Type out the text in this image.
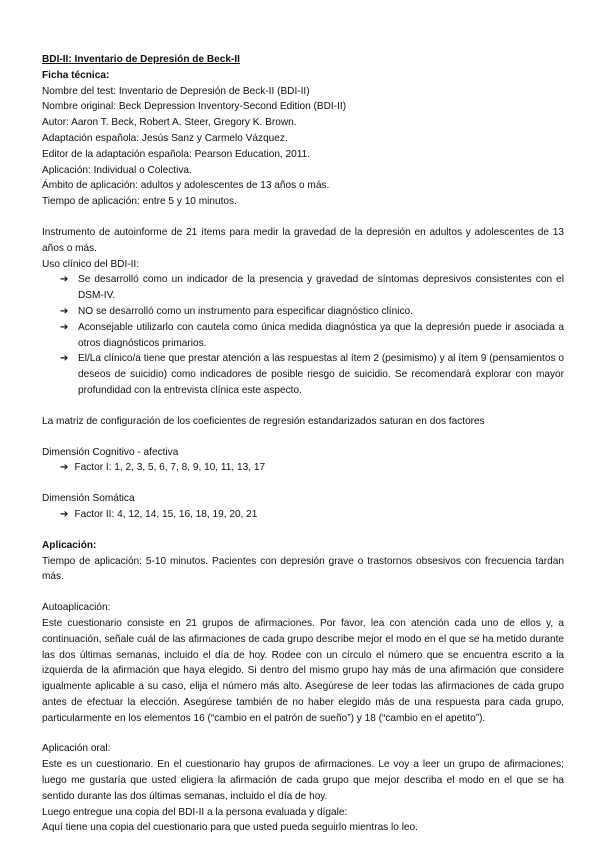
BDI-II: Inventario de Depresión de Beck-II

Ficha técnica:

Nombre del test: Inventario de Depresión de Beck-II (BDI-II)

Nombre original: Beck Depression Inventory-Second Edition (BDI-II)

Autor: Aaron T. Beck, Robert A. Steer, Gregory K. Brown.

Adaptación española: Jesús Sanz y Carmelo Vázquez.

Editor de la adaptación española: Pearson Education, 2011.

Aplicación: Individual o Colectiva.

Ámbito de aplicación: adultos y adolescentes de 13 años o más.

Tiempo de aplicación: entre 5 y 10 minutos.

Instrumento de autoinforme de 21 ítems para medir la gravedad de la depresión en adultos y adolescentes de 13 años o más.

Uso clínico del BDI-II:

➔ Se desarrolló como un indicador de la presencia y gravedad de síntomas depresivos consistentes con el DSM-IV.
➔ NO se desarrolló como un instrumento para especificar diagnóstico clínico.
➔ Aconsejable utilizarlo con cautela como única medida diagnóstica ya que la depresión puede ir asociada a otros diagnósticos primarios.
➔ El/La clínico/a tiene que prestar atención a las respuestas al ítem 2 (pesimismo) y al ítem 9 (pensamientos o deseos de suicidio) como indicadores de posible riesgo de suicidio. Se recomendará explorar con mayor profundidad con la entrevista clínica este aspecto.

La matriz de configuración de los coeficientes de regresión estandarizados saturan en dos factores

Dimensión Cognitivo - afectiva

➔ Factor I: 1, 2, 3, 5, 6, 7, 8, 9, 10, 11, 13, 17

Dimensión Somática

➔ Factor II: 4, 12, 14, 15, 16, 18, 19, 20, 21

Aplicación:

Tiempo de aplicación: 5-10 minutos. Pacientes con depresión grave o trastornos obsesivos con frecuencia tardan más.

Autoaplicación:

Este cuestionario consiste en 21 grupos de afirmaciones. Por favor, lea con atención cada uno de ellos y, a continuación, señale cuál de las afirmaciones de cada grupo describe mejor el modo en el que se ha metido durante las dos últimas semanas, incluido el día de hoy. Rodee con un círculo el número que se encuentra escrito a la izquierda de la afirmación que haya elegido. Si dentro del mismo grupo hay más de una afirmación que considere igualmente aplicable a su caso, elija el número más alto. Asegúrese de leer todas las afirmaciones de cada grupo antes de efectuar la elección. Asegúrese también de no haber elegido más de una respuesta para cada grupo, particularmente en los elementos 16 (“cambio en el patrón de sueño”) y 18 (“cambio en el apetito”).

Aplicación oral:

Este es un cuestionario. En el cuestionario hay grupos de afirmaciones. Le voy a leer un grupo de afirmaciones; luego me gustaría que usted eligiera la afirmación de cada grupo que mejor describa el modo en el que se ha sentido durante las dos últimas semanas, incluido el día de hoy.

Luego entregue una copia del BDI-II a la persona evaluada y dígale:

Aquí tiene una copia del cuestionario para que usted pueda seguirlo mientras lo leo.
